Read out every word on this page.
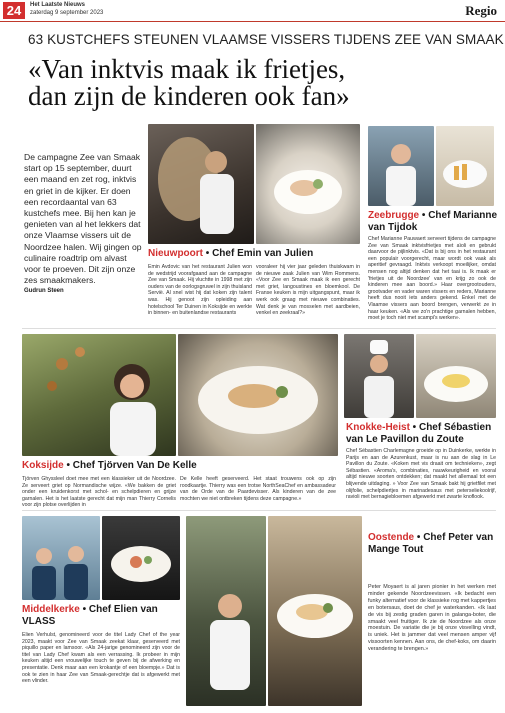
24	Het Laatste Nieuws
zaterdag 9 september 2023	Regio
63 KUSTCHEFS STEUNEN VLAAMSE VISSERS TIJDENS ZEE VAN SMAAK
«Van inktvis maak ik frietjes,
dan zijn de kinderen ook fan»
De campagne Zee van Smaak start op 15 september, duurt een maand en zet rog, inktvis en griet in de kijker. Er doen een recordaantal van 63 kustchefs mee. Bij hen kan je genieten van al het lekkers dat onze Vlaamse vissers uit de Noordzee halen. Wij gingen op culinaire roadtrip om alvast voor te proeven. Dit zijn onze zes smaakmakers.
Gudrun Steen
Nieuwpoort • Chef Emin van Julien
Emin Avdovic van het restaurant Julien won de wedstrijd voorafgaand aan de campagne Zee van Smaak. Hij vluchtte in 1998 met zijn ouders van de oorlogsgruwel in zijn thuisland Servië. Al snel wist hij dat koken zijn talent was. Hij genoot zijn opleiding aan hotelschool Ter Duinen in Koksijde en werkte in binnen- en buitenlandse restaurants
vooraleer hij vier jaar geleden thuiskwam in de nieuwe zaak Julien van Wim Rommens. «Voor Zee en Smaak maak ik een gerecht met griet, langoustines en bloemkool. De Franse keuken is mijn uitgangspunt, maar ik werk ook graag met nieuwe combinaties. Wat denk je van mosselen met aardbeien, venkel en zeekraal?»
Zeebrugge • Chef Marianne van Tijdok
Chef Marianne Pauwaert serveert tijdens de campagne Zee van Smaak inktvisfrietjes met aïoli en gebrukt daarvoor de pijlinktvis. «Dat is bij ons in het restaurant een populair voorgerecht, maar wordt ook vaak als aperitief gevraagd. Inktvis verkoopt moeilijker, omdat mensen nog altijd denken dat het taai is. Ik maak er 'frietjes uit de Noordzee' van en krijg zo ook de kinderen mee aan boord.» Haar overgrootouders, grootvader en vader waren vissers en reders, Marianne heeft dus nooit iets anders gekend. Enkel met de Vlaamse vissers aan boord brengen, verwerkt ze in haar keuken. «Als we zo'n prachtige garnalen hebben, moet je toch niet met scampi's werken».
Koksijde • Chef Tjörven Van De Kelle
Tjörven Ghyssleel doet mee met een klassieker uit de Noordzee. Ze serveert griet op Normandische wijze. «We bakken de griet onder een kruidenkorst met schol- en schelpdieren en grijze garnalen. Het is het laatste gerecht dat mijn man Thierry Cornelis voor zijn plotse overlijden in
De Kelle heeft geserveerd. Het staat trouwens ook op zijn roodkaartje. Thierry was een trotse NorthSeaChef en ambassadeur van de Orde van de Paardevisser. Als kinderen van de zee mochten we niet ontbreken tijdens deze campagne.»
Knokke-Heist • Chef Sébastien van Le Pavillon du Zoute
Chef Sébastien Charlemagne groeide op in Duinkerke, werkte in Parijs en aan de Azurenkust, maar is nu aan de slag in Le Pavillon du Zoute. «Koken met vis draait om technieken», zegt Sébastien. «Aroma's, combinaties, nauwkeurigheid en vooral altijd nieuwe soorten ontdekken; dat maakt het allemaal tot een blijvende uitdaging. » Voor Zee van Smaak bakt hij grietfilet met olijfolie, schelpdiertjes in marinadesaus met peterseliekoolrijf, ravioli met bernagiebloemen afgewerkt met zwarte knoflook.
Middelkerke • Chef Elien van VLASS
Elien Verhulst, genomineerd voor de titel Lady Chef of the year 2023, maakt voor Zee van Smaak zeekat klaar, geserveerd met piquillo paper en lamsoor. «Als 24-jarige genomineerd zijn voor de titel van Lady Chef kwam als een verrassing. Ik probeer in mijn keuken altijd een vrouwelijke touch te geven bij de afwerking en presentatie. Denk maar aan een krokantje of een bloempje.» Dat is ook te zien in haar Zee van Smaak-gerechtje dat is afgewerkt met een vlinder.
Oostende • Chef Peter van Mange Tout
Peter Moyaert is al jaren pionier in het werken met minder gekende Noordzeevissen. «Ik bedacht een funky alternatief voor de klassieke rog met kappertjes en botersaus, doet de chef je waterkanden. «Ik laat de vis bij zestig graden garen in galanga-boter, die smaakt veel fruitiger. Ik zie de Noordzee als onze moestuin. De variatie die je bij onze visvelling vindt, is uniek. Het is jammer dat veel mensen amper vijf vissoorten kennen. Aan ons, de chef-koks, om daarin verandering te brengen.»
